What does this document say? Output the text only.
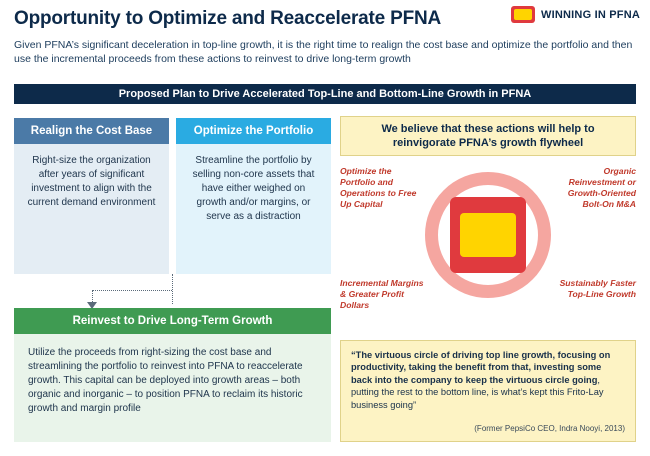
Opportunity to Optimize and Reaccelerate PFNA	WINNING IN PFNA
Given PFNA’s significant deceleration in top-line growth, it is the right time to realign the cost base and optimize the portfolio and then use the incremental proceeds from these actions to reinvest to drive long-term growth
Proposed Plan to Drive Accelerated Top-Line and Bottom-Line Growth in PFNA
Realign the Cost Base
Right-size the organization after years of significant investment to align with the current demand environment
Optimize the Portfolio
Streamline the portfolio by selling non-core assets that have either weighed on growth and/or margins, or serve as a distraction
Reinvest to Drive Long-Term Growth
Utilize the proceeds from right-sizing the cost base and streamlining the portfolio to reinvest into PFNA to reaccelerate growth. This capital can be deployed into growth areas – both organic and inorganic – to position PFNA to reclaim its historic growth and margin profile
We believe that these actions will help to reinvigorate PFNA’s growth flywheel
Optimize the Portfolio and Operations to Free Up Capital
Organic Reinvestment or Growth-Oriented Bolt-On M&A
Incremental Margins & Greater Profit Dollars
Sustainably Faster Top-Line Growth
“The virtuous circle of driving top line growth, focusing on productivity, taking the benefit from that, investing some back into the company to keep the virtuous circle going, putting the rest to the bottom line, is what’s kept this Frito-Lay business going”
(Former PepsiCo CEO, Indra Nooyi, 2013)
